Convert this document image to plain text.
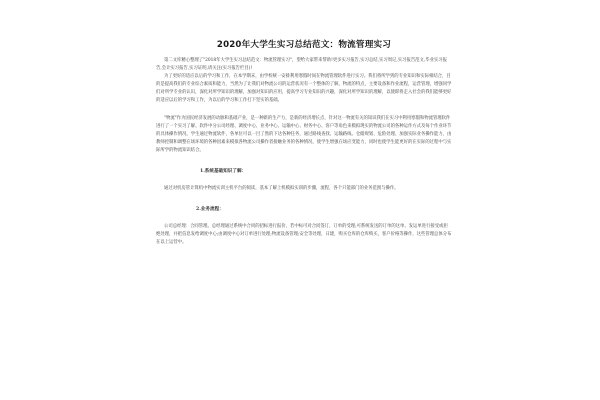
2020年大学生实习总结范文：物流管理实习

第二文库精心整理了"2018年大学生实习总结范文：物流管理实习"，望给大家带来帮助!更多实习报告,实习总结,实习周记,实习报告范文,毕业实习报告,会计实习报告,实习证明,请关注(实习报告栏目)!

为了更好的适应以后的学习和工作，在本学期末，由学校统一安排利用寒假时间在物流管理软件进行实习。我们将所学到的专业知识和实际相结合，目的是提高我们的专业综合素质和能力，当然为了让我们对物流公司的运营状况有一个整体的了解，物流的特点，主要设备和作业流程，运营管理，增强同学们对所学专业的认识，深化对所学知识的理解，加强对知识的应用，提高学习专业知识的兴趣，深化对所学知识的理解，以使即将走入社会的我们能够更好的适应以后的学习和工作，为以后的学习和工作打下坚实的基础。

"物流"作为国民经济发展的动脉和基础产业，是一种新的生产力，是新的经济增长点，针对这一物流有关的知识我们在实习中利用寒假和物流管理软件进行了一个实习了解。软件中分公司经理、调度中心、业务中心、运输中心、财务中心、客户等角色来模拟现实的物流公司的各种运作方式及每个作业环节的具体操作情况，学生通过物流软件，各单位可以一目了然的下达各种任务，通过路线查找、运输路线、仓储规划、危险处理、加强实际业务操作能力，由教师控制和调整在场环境的各种因素来模拟各物流公司操作者接触业务的各种情况，使学生增强在场应变能力，同时也使学生能更好的在实际的过程中与实际所学的物流知识结合。

1.系统基础知识了解：

通过对机房管计算机中物流实训主机平台的阅读，基本了解上机模拟实训的步骤，流程，各个只能部门的业务范围与操作。

2.业务流程：

公司总经理：合同管理。总经理通过系统中合同的招标进行报价，若中标可对合同签订，订单的受理;可系统发送的订单的这单、发运单进行接受或拒绝处理，并把信息发给调度中心;由调度中心对订单进行处理;物流设备管理;安全等处理，日建，购买仓库的仓库购买，客户价格等操作，这些管理总体分布在以上运营中。
